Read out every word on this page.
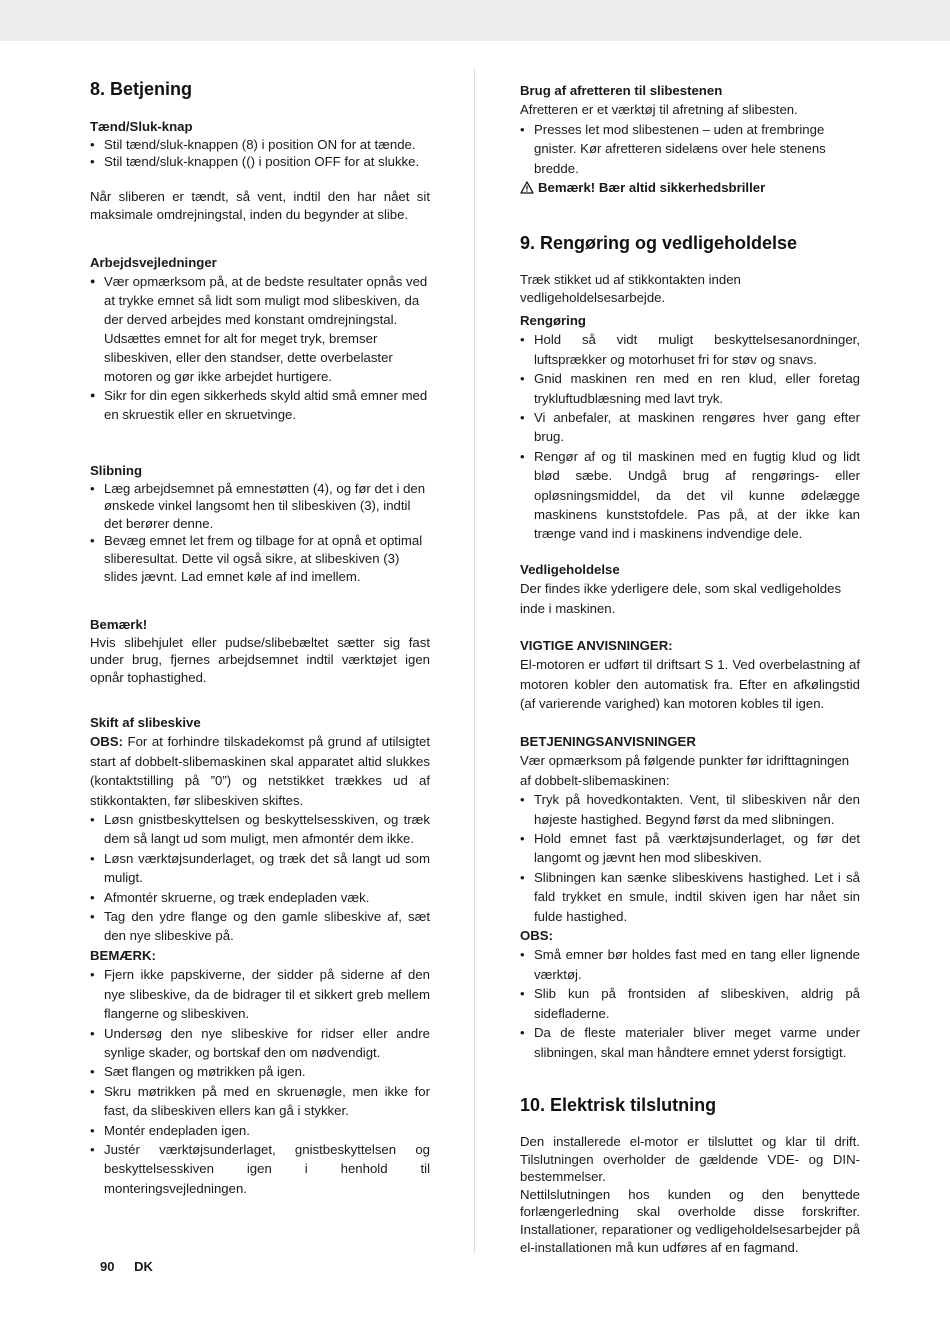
8. Betjening

Tænd/Sluk-knap

• Stil tænd/sluk-knappen (8) i position ON for at tænde.
• Stil tænd/sluk-knappen (() i position OFF for at slukke.

Når sliberen er tændt, så vent, indtil den har nået sit maksimale omdrejningstal, inden du begynder at slibe.

Arbejdsvejledninger

● Vær opmærksom på, at de bedste resultater opnås ved at trykke emnet så lidt som muligt mod slibeskiven, da der derved arbejdes med konstant omdrejningstal. Udsættes emnet for alt for meget tryk, bremser slibeskiven, eller den standser, dette overbelaster motoren og gør ikke arbejdet hurtigere.
● Sikr for din egen sikkerheds skyld altid små emner med en skruestik eller en skruetvinge.

Slibning

• Læg arbejdsemnet på emnestøtten (4), og før det i den ønskede vinkel langsomt hen til slibeskiven (3), indtil det berører denne.
• Bevæg emnet let frem og tilbage for at opnå et optimal sliberesultat. Dette vil også sikre, at slibeskiven (3) slides jævnt. Lad emnet køle af ind imellem.

Bemærk!

Hvis slibehjulet eller pudse/slibebæltet sætter sig fast under brug, fjernes arbejdsemnet indtil værktøjet igen opnår tophastighed.

Skift af slibeskive

OBS: For at forhindre tilskadekomst på grund af utilsigtet start af dobbelt-slibemaskinen skal apparatet altid slukkes (kontaktstilling på ”0”) og netstikket trækkes ud af stikkontakten, før slibeskiven skiftes.

• Løsn gnistbeskyttelsen og beskyttelsesskiven, og træk dem så langt ud som muligt, men afmontér dem ikke.
• Løsn værktøjsunderlaget, og træk det så langt ud som muligt.
• Afmontér skruerne, og træk endepladen væk.
• Tag den ydre flange og den gamle slibeskive af, sæt den nye slibeskive på.

BEMÆRK:

• Fjern ikke papskiverne, der sidder på siderne af den nye slibeskive, da de bidrager til et sikkert greb mellem flangerne og slibeskiven.
• Undersøg den nye slibeskive for ridser eller andre synlige skader, og bortskaf den om nødvendigt.
• Sæt flangen og møtrikken på igen.
• Skru møtrikken på med en skruenøgle, men ikke for fast, da slibeskiven ellers kan gå i stykker.
• Montér endepladen igen.
• Justér værktøjsunderlaget, gnistbeskyttelsen og beskyttelsesskiven igen i henhold til monteringsvejledningen.

Brug af afretteren til slibestenen

Afretteren er et værktøj til afretning af slibesten.

• Presses let mod slibestenen – uden at frembringe gnister. Kør afretteren sidelæns over hele stenens bredde.

Bemærk! Bær altid sikkerhedsbriller

9. Rengøring og vedligeholdelse

Træk stikket ud af stikkontakten inden vedligeholdelsesarbejde.

Rengøring

• Hold så vidt muligt beskyttelsesanordninger, luftsprækker og motorhuset fri for støv og snavs.
• Gnid maskinen ren med en ren klud, eller foretag trykluftudblæsning med lavt tryk.
• Vi anbefaler, at maskinen rengøres hver gang efter brug.
• Rengør af og til maskinen med en fugtig klud og lidt blød sæbe. Undgå brug af rengørings- eller opløsningsmiddel, da det vil kunne ødelægge maskinens kunststofdele. Pas på, at der ikke kan trænge vand ind i maskinens indvendige dele.

Vedligeholdelse

Der findes ikke yderligere dele, som skal vedligeholdes inde i maskinen.

VIGTIGE ANVISNINGER:

El-motoren er udført til driftsart S 1. Ved overbelastning af motoren kobler den automatisk fra. Efter en afkølingstid (af varierende varighed) kan motoren kobles til igen.

BETJENINGSANVISNINGER

Vær opmærksom på følgende punkter før idrifttagningen af dobbelt-slibemaskinen:

• Tryk på hovedkontakten. Vent, til slibeskiven når den højeste hastighed. Begynd først da med slibningen.
• Hold emnet fast på værktøjsunderlaget, og før det langomt og jævnt hen mod slibeskiven.
• Slibningen kan sænke slibeskivens hastighed. Let i så fald trykket en smule, indtil skiven igen har nået sin fulde hastighed.

OBS:

• Små emner bør holdes fast med en tang eller lignende værktøj.
• Slib kun på frontsiden af slibeskiven, aldrig på sidefladerne.
• Da de fleste materialer bliver meget varme under slibningen, skal man håndtere emnet yderst forsigtigt.
10. Elektrisk tilslutning

Den installerede el-motor er tilsluttet og klar til drift. Tilslutningen overholder de gældende VDE- og DIN-bestemmelser.

Nettilslutningen hos kunden og den benyttede forlængerledning skal overholde disse forskrifter. Installationer, reparationer og vedligeholdelsesarbejder på el-installationen må kun udføres af en fagmand.

90 DK
